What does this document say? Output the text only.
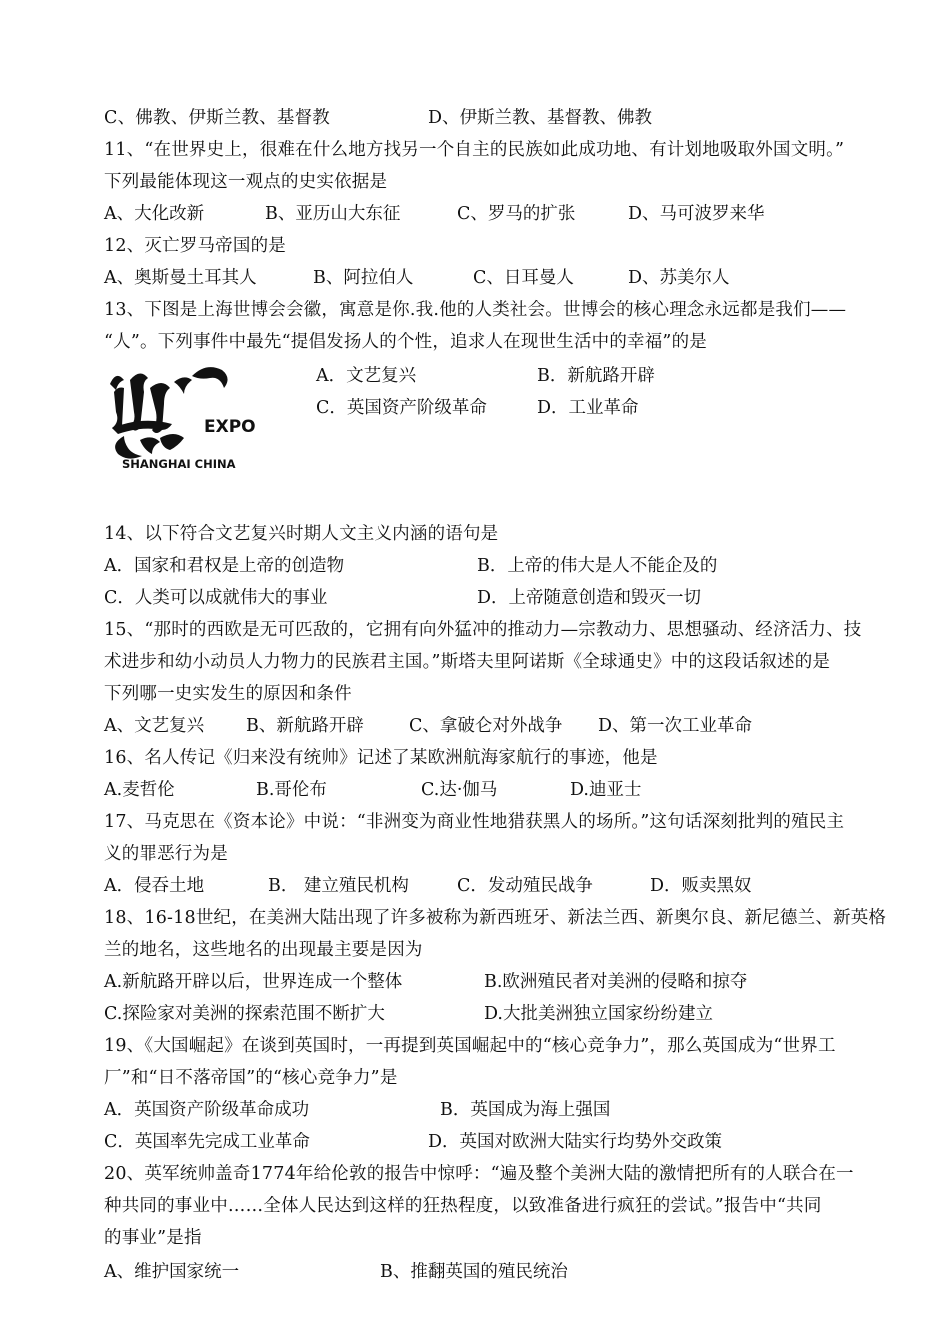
C、佛教、伊斯兰教、基督教	D、伊斯兰教、基督教、佛教
11、“在世界史上，很难在什么地方找另一个自主的民族如此成功地、有计划地吸取外国文明。”
下列最能体现这一观点的史实依据是
A、大化改新	B、亚历山大东征	C、罗马的扩张	D、马可波罗来华
12、灭亡罗马帝国的是
A、奥斯曼土耳其人	B、阿拉伯人	C、日耳曼人	D、苏美尔人
13、下图是上海世博会会徽，寓意是你.我.他的人类社会。世博会的核心理念永远都是我们——
“人”。下列事件中最先“提倡发扬人的个性，追求人在现世生活中的幸福”的是
EXPO
SHANGHAI CHINA
A．文艺复兴	B．新航路开辟
C．英国资产阶级革命	D．工业革命
14、以下符合文艺复兴时期人文主义内涵的语句是
A．国家和君权是上帝的创造物	B．上帝的伟大是人不能企及的
C．人类可以成就伟大的事业	D．上帝随意创造和毁灭一切
15、“那时的西欧是无可匹敌的，它拥有向外猛冲的推动力—宗教动力、思想骚动、经济活力、技
术进步和幼小动员人力物力的民族君主国。”斯塔夫里阿诺斯《全球通史》中的这段话叙述的是
下列哪一史实发生的原因和条件
A、文艺复兴 B、新航路开辟	C、拿破仑对外战争 D、第一次工业革命
16、名人传记《归来没有统帅》记述了某欧洲航海家航行的事迹，他是
A.麦哲伦	B.哥伦布	C.达·伽马	D.迪亚士
17、马克思在《资本论》中说：“非洲变为商业性地猎获黑人的场所。”这句话深刻批判的殖民主
义的罪恶行为是
A．侵吞土地	B． 建立殖民机构	C．发动殖民战争	D．贩卖黑奴
18、16-18世纪，在美洲大陆出现了许多被称为新西班牙、新法兰西、新奥尔良、新尼德兰、新英格
兰的地名，这些地名的出现最主要是因为
A.新航路开辟以后，世界连成一个整体	B.欧洲殖民者对美洲的侵略和掠夺
C.探险家对美洲的探索范围不断扩大	D.大批美洲独立国家纷纷建立
19、《大国崛起》在谈到英国时，一再提到英国崛起中的“核心竞争力”，那么英国成为“世界工
厂”和“日不落帝国”的“核心竞争力”是
A．英国资产阶级革命成功	B．英国成为海上强国
C．英国率先完成工业革命	D．英国对欧洲大陆实行均势外交政策
20、英军统帅盖奇1774年给伦敦的报告中惊呼：“遍及整个美洲大陆的激情把所有的人联合在一
种共同的事业中……全体人民达到这样的狂热程度，以致准备进行疯狂的尝试。”报告中“共同
的事业”是指
A、维护国家统一	B、推翻英国的殖民统治
